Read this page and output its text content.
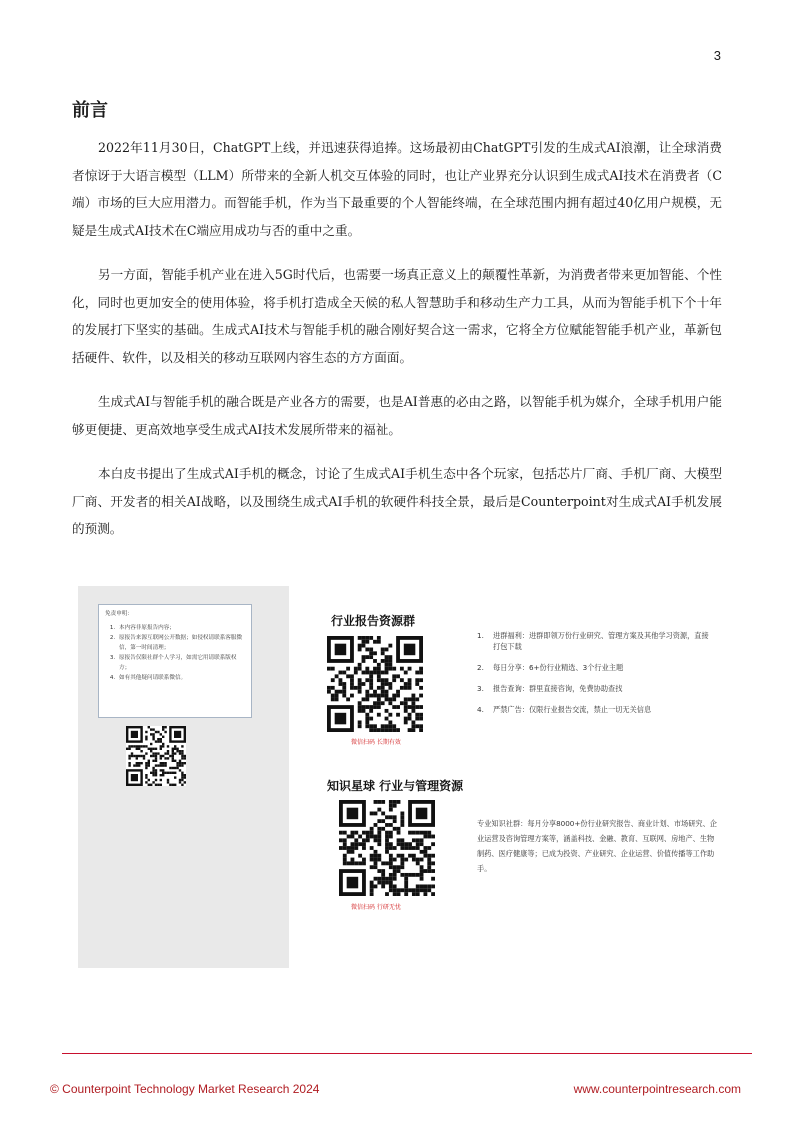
3
前言

2022年11月30日，ChatGPT上线，并迅速获得追捧。这场最初由ChatGPT引发的生成式AI浪潮，让全球消费者惊讶于大语言模型（LLM）所带来的全新人机交互体验的同时，也让产业界充分认识到生成式AI技术在消费者（C端）市场的巨大应用潜力。而智能手机，作为当下最重要的个人智能终端，在全球范围内拥有超过40亿用户规模，无疑是生成式AI技术在C端应用成功与否的重中之重。

另一方面，智能手机产业在进入5G时代后，也需要一场真正意义上的颠覆性革新，为消费者带来更加智能、个性化，同时也更加安全的使用体验，将手机打造成全天候的私人智慧助手和移动生产力工具，从而为智能手机下个十年的发展打下坚实的基础。生成式AI技术与智能手机的融合刚好契合这一需求，它将全方位赋能智能手机产业，革新包括硬件、软件，以及相关的移动互联网内容生态的方方面面。

生成式AI与智能手机的融合既是产业各方的需要，也是AI普惠的必由之路，以智能手机为媒介，全球手机用户能够更便捷、更高效地享受生成式AI技术发展所带来的福祉。

本白皮书提出了生成式AI手机的概念，讨论了生成式AI手机生态中各个玩家，包括芯片厂商、手机厂商、大模型厂商、开发者的相关AI战略，以及围绕生成式AI手机的软硬件科技全景，最后是Counterpoint对生成式AI手机发展的预测。

免责申明：
1. 本内容非原报告内容；
2. 原报告来源互联网公开数据；如侵权请联系客服微信，第一时间清理；
3. 原报告仅限社群个人学习，如需它用请联系版权方；
4. 如有其他疑问请联系微信。
行业报告资源群
微信扫码 长期有效
1. 进群福利：进群即领万份行业研究、管理方案及其他学习资源，直接打包下载
2. 每日分享：6+份行业精选、3个行业主题
3. 报告查询：群里直接咨询，免费协助查找
4. 严禁广告：仅限行业报告交流，禁止一切无关信息
知识星球 行业与管理资源
微信扫码 行研无忧

专业知识社群：每月分享8000+份行业研究报告、商业计划、市场研究、企业运营及咨询管理方案等，涵盖科技、金融、教育、互联网、房地产、生物制药、医疗健康等；已成为投资、产业研究、企业运营、价值传播等工作助手。

© Counterpoint Technology Market Research 2024	www.counterpointresearch.com
